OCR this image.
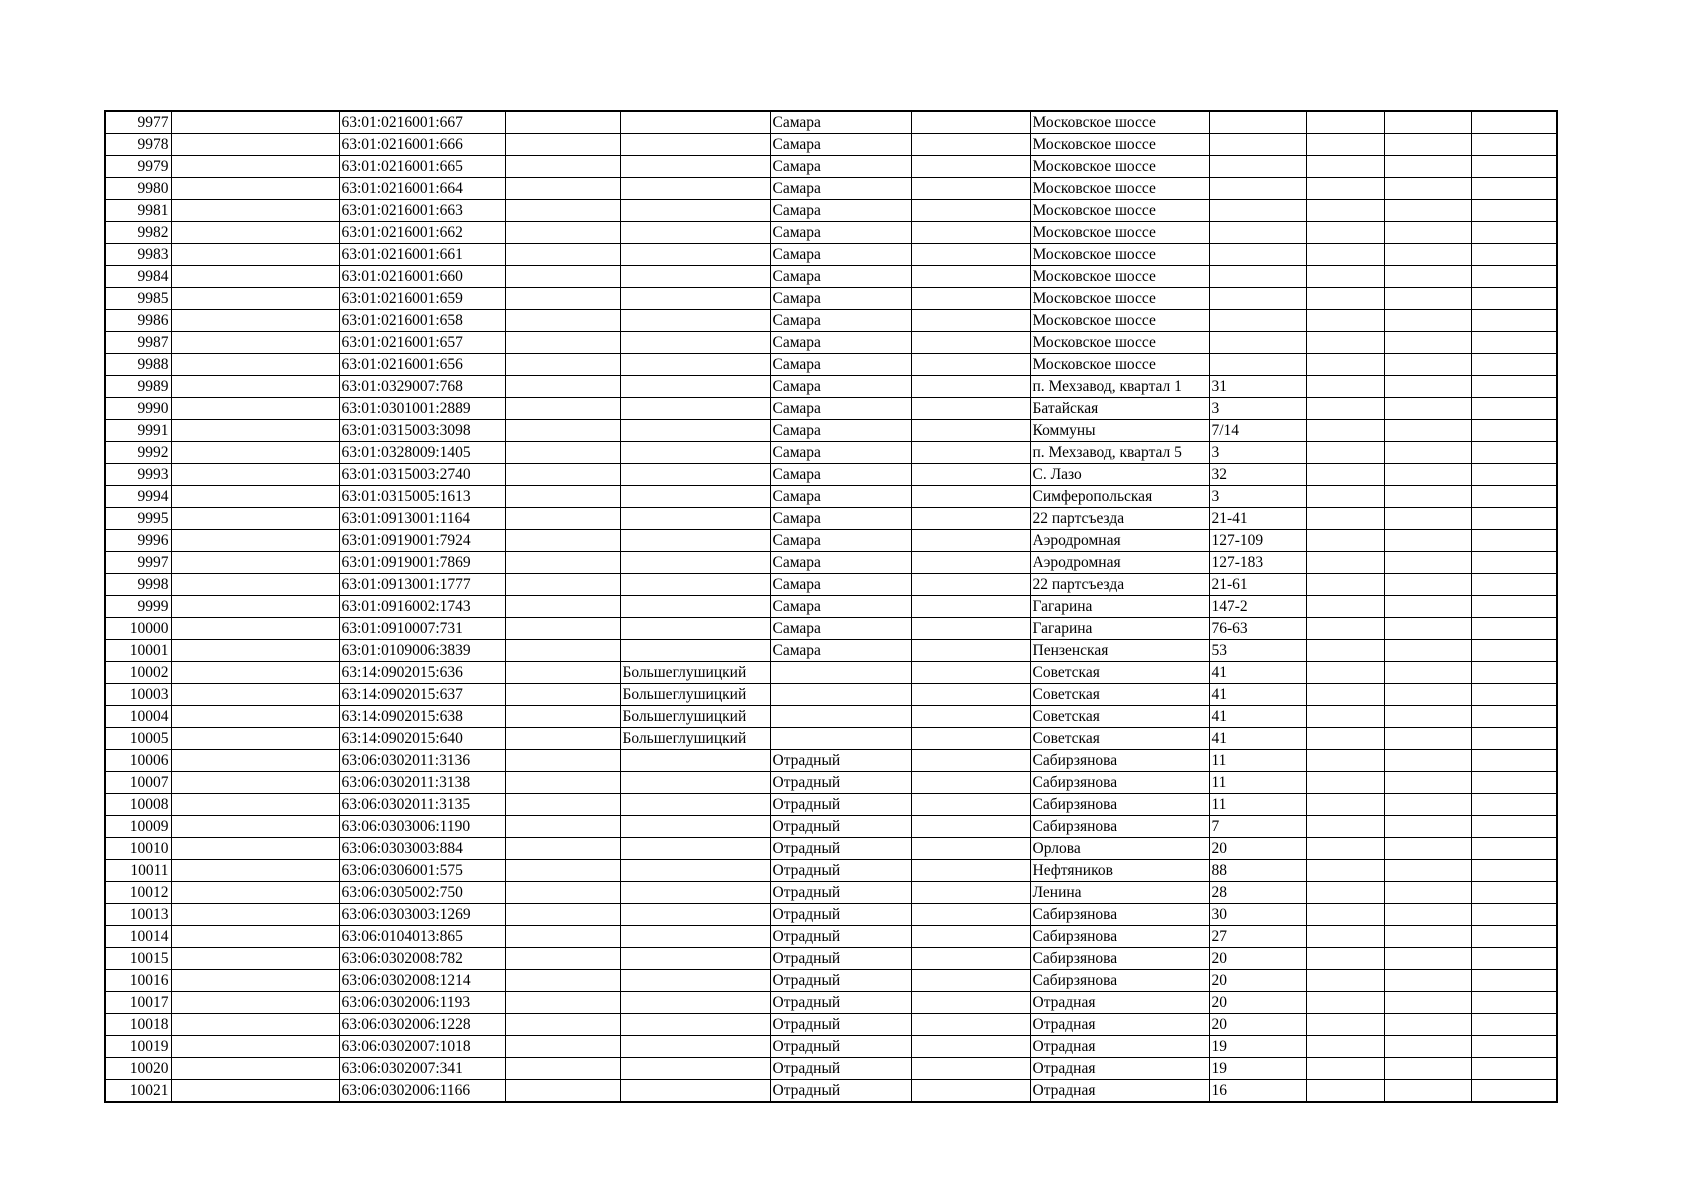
9977		63:01:0216001:667			Самара		Московское шоссе				
9978		63:01:0216001:666			Самара		Московское шоссе				
9979		63:01:0216001:665			Самара		Московское шоссе				
9980		63:01:0216001:664			Самара		Московское шоссе				
9981		63:01:0216001:663			Самара		Московское шоссе				
9982		63:01:0216001:662			Самара		Московское шоссе				
9983		63:01:0216001:661			Самара		Московское шоссе				
9984		63:01:0216001:660			Самара		Московское шоссе				
9985		63:01:0216001:659			Самара		Московское шоссе				
9986		63:01:0216001:658			Самара		Московское шоссе				
9987		63:01:0216001:657			Самара		Московское шоссе				
9988		63:01:0216001:656			Самара		Московское шоссе				
9989		63:01:0329007:768			Самара		п. Мехзавод, квартал 1	31			
9990		63:01:0301001:2889			Самара		Батайская	3			
9991		63:01:0315003:3098			Самара		Коммуны	7/14			
9992		63:01:0328009:1405			Самара		п. Мехзавод, квартал 5	3			
9993		63:01:0315003:2740			Самара		С. Лазо	32			
9994		63:01:0315005:1613			Самара		Симферопольская	3			
9995		63:01:0913001:1164			Самара		22 партсъезда	21-41			
9996		63:01:0919001:7924			Самара		Аэродромная	127-109			
9997		63:01:0919001:7869			Самара		Аэродромная	127-183			
9998		63:01:0913001:1777			Самара		22 партсъезда	21-61			
9999		63:01:0916002:1743			Самара		Гагарина	147-2			
10000		63:01:0910007:731			Самара		Гагарина	76-63			
10001		63:01:0109006:3839			Самара		Пензенская	53			
10002		63:14:0902015:636		Большеглушицкий			Советская	41			
10003		63:14:0902015:637		Большеглушицкий			Советская	41			
10004		63:14:0902015:638		Большеглушицкий			Советская	41			
10005		63:14:0902015:640		Большеглушицкий			Советская	41			
10006		63:06:0302011:3136			Отрадный		Сабирзянова	11			
10007		63:06:0302011:3138			Отрадный		Сабирзянова	11			
10008		63:06:0302011:3135			Отрадный		Сабирзянова	11			
10009		63:06:0303006:1190			Отрадный		Сабирзянова	7			
10010		63:06:0303003:884			Отрадный		Орлова	20			
10011		63:06:0306001:575			Отрадный		Нефтяников	88			
10012		63:06:0305002:750			Отрадный		Ленина	28			
10013		63:06:0303003:1269			Отрадный		Сабирзянова	30			
10014		63:06:0104013:865			Отрадный		Сабирзянова	27			
10015		63:06:0302008:782			Отрадный		Сабирзянова	20			
10016		63:06:0302008:1214			Отрадный		Сабирзянова	20			
10017		63:06:0302006:1193			Отрадный		Отрадная	20			
10018		63:06:0302006:1228			Отрадный		Отрадная	20			
10019		63:06:0302007:1018			Отрадный		Отрадная	19			
10020		63:06:0302007:341			Отрадный		Отрадная	19			
10021		63:06:0302006:1166			Отрадный		Отрадная	16			
